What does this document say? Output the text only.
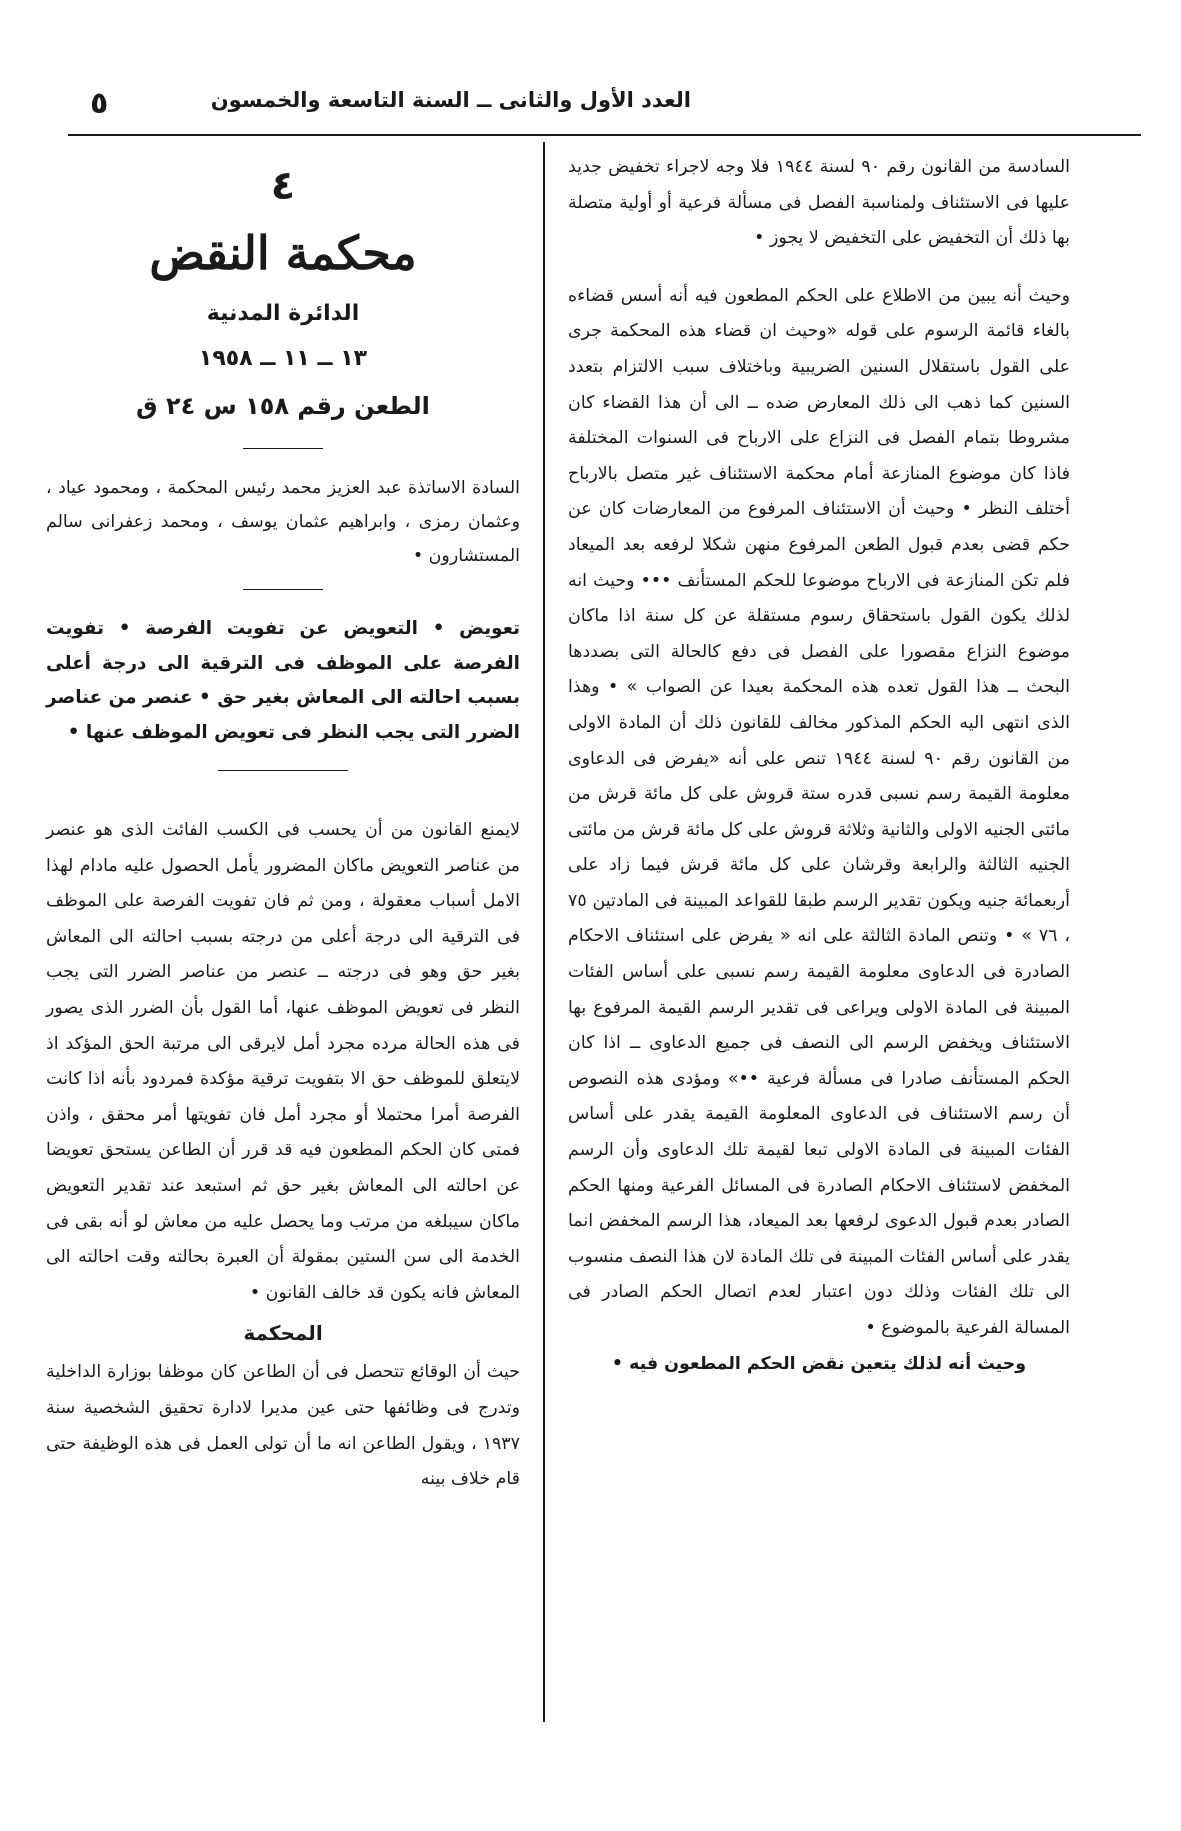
العدد الأول والثانى ــ السنة التاسعة والخمسون
٥

السادسة من القانون رقم ٩٠ لسنة ١٩٤٤ فلا وجه لاجراء تخفيض جديد عليها فى الاستئناف ولمناسبة الفصل فى مسألة فرعية أو أولية متصلة بها ذلك أن التخفيض على التخفيض لا يجوز •

وحيث أنه يبين من الاطلاع على الحكم المطعون فيه أنه أسس قضاءه بالغاء قائمة الرسوم على قوله «وحيث ان قضاء هذه المحكمة جرى على القول باستقلال السنين الضريبية وباختلاف سبب الالتزام بتعدد السنين كما ذهب الى ذلك المعارض ضده ــ الى أن هذا القضاء كان مشروطا بتمام الفصل فى النزاع على الارباح فى السنوات المختلفة فاذا كان موضوع المنازعة أمام محكمة الاستئناف غير متصل بالارباح أختلف النظر • وحيث أن الاستئناف المرفوع من المعارضات كان عن حكم قضى بعدم قبول الطعن المرفوع منهن شكلا لرفعه بعد الميعاد فلم تكن المنازعة فى الارباح موضوعا للحكم المستأنف ••• وحيث انه لذلك يكون القول باستحقاق رسوم مستقلة عن كل سنة اذا ماكان موضوع النزاع مقصورا على الفصل فى دفع كالحالة التى بصددها البحث ــ هذا القول تعده هذه المحكمة بعيدا عن الصواب » • وهذا الذى انتهى اليه الحكم المذكور مخالف للقانون ذلك أن المادة الاولى من القانون رقم ٩٠ لسنة ١٩٤٤ تنص على أنه «يفرض فى الدعاوى معلومة القيمة رسم نسبى قدره ستة قروش على كل مائة قرش من مائتى الجنيه الاولى والثانية وثلاثة قروش على كل مائة قرش من مائتى الجنيه الثالثة والرابعة وقرشان على كل مائة قرش فيما زاد على أربعمائة جنيه ويكون تقدير الرسم طبقا للقواعد المبينة فى المادتين ٧٥ ، ٧٦ » • وتنص المادة الثالثة على انه « يفرض على استئناف الاحكام الصادرة فى الدعاوى معلومة القيمة رسم نسبى على أساس الفئات المبينة فى المادة الاولى ويراعى فى تقدير الرسم القيمة المرفوع بها الاستئناف ويخفض الرسم الى النصف فى جميع الدعاوى ــ اذا كان الحكم المستأنف صادرا فى مسألة فرعية ••» ومؤدى هذه النصوص أن رسم الاستئناف فى الدعاوى المعلومة القيمة يقدر على أساس الفئات المبينة فى المادة الاولى تبعا لقيمة تلك الدعاوى وأن الرسم المخفض لاستئناف الاحكام الصادرة فى المسائل الفرعية ومنها الحكم الصادر بعدم قبول الدعوى لرفعها بعد الميعاد، هذا الرسم المخفض انما يقدر على أساس الفئات المبينة فى تلك المادة لان هذا النصف منسوب الى تلك الفئات وذلك دون اعتبار لعدم اتصال الحكم الصادر فى المسالة الفرعية بالموضوع •

وحيث أنه لذلك يتعين نقض الحكم المطعون فيه •

٤

محكمة النقض

الدائرة المدنية

١٣ ــ ١١ ــ ١٩٥٨

الطعن رقم ١٥٨ س ٢٤ ق

السادة الاساتذة عبد العزيز محمد رئيس المحكمة ، ومحمود عياد ، وعثمان رمزى ، وابراهيم عثمان يوسف ، ومحمد زعفرانى سالم المستشارون •

تعويض • التعويض عن تفويت الفرصة • تفويت الفرصة على الموظف فى الترقية الى درجة أعلى بسبب احالته الى المعاش بغير حق • عنصر من عناصر الضرر التى يجب النظر فى تعويض الموظف عنها •

لايمنع القانون من أن يحسب فى الكسب الفائت الذى هو عنصر من عناصر التعويض ماكان المضرور يأمل الحصول عليه مادام لهذا الامل أسباب معقولة ، ومن ثم فان تفويت الفرصة على الموظف فى الترقية الى درجة أعلى من درجته بسبب احالته الى المعاش بغير حق وهو فى درجته ــ عنصر من عناصر الضرر التى يجب النظر فى تعويض الموظف عنها، أما القول بأن الضرر الذى يصور فى هذه الحالة مرده مجرد أمل لايرقى الى مرتبة الحق المؤكد اذ لايتعلق للموظف حق الا بتفويت ترقية مؤكدة فمردود بأنه اذا كانت الفرصة أمرا محتملا أو مجرد أمل فان تفويتها أمر محقق ، واذن فمتى كان الحكم المطعون فيه قد قرر أن الطاعن يستحق تعويضا عن احالته الى المعاش بغير حق ثم استبعد عند تقدير التعويض ماكان سيبلغه من مرتب وما يحصل عليه من معاش لو أنه بقى فى الخدمة الى سن الستين بمقولة أن العبرة بحالته وقت احالته الى المعاش فانه يكون قد خالف القانون •

المحكمة

حيث أن الوقائع تتحصل فى أن الطاعن كان موظفا بوزارة الداخلية وتدرج فى وظائفها حتى عين مديرا لادارة تحقيق الشخصية سنة ١٩٣٧ ، ويقول الطاعن انه ما أن تولى العمل فى هذه الوظيفة حتى قام خلاف بينه
